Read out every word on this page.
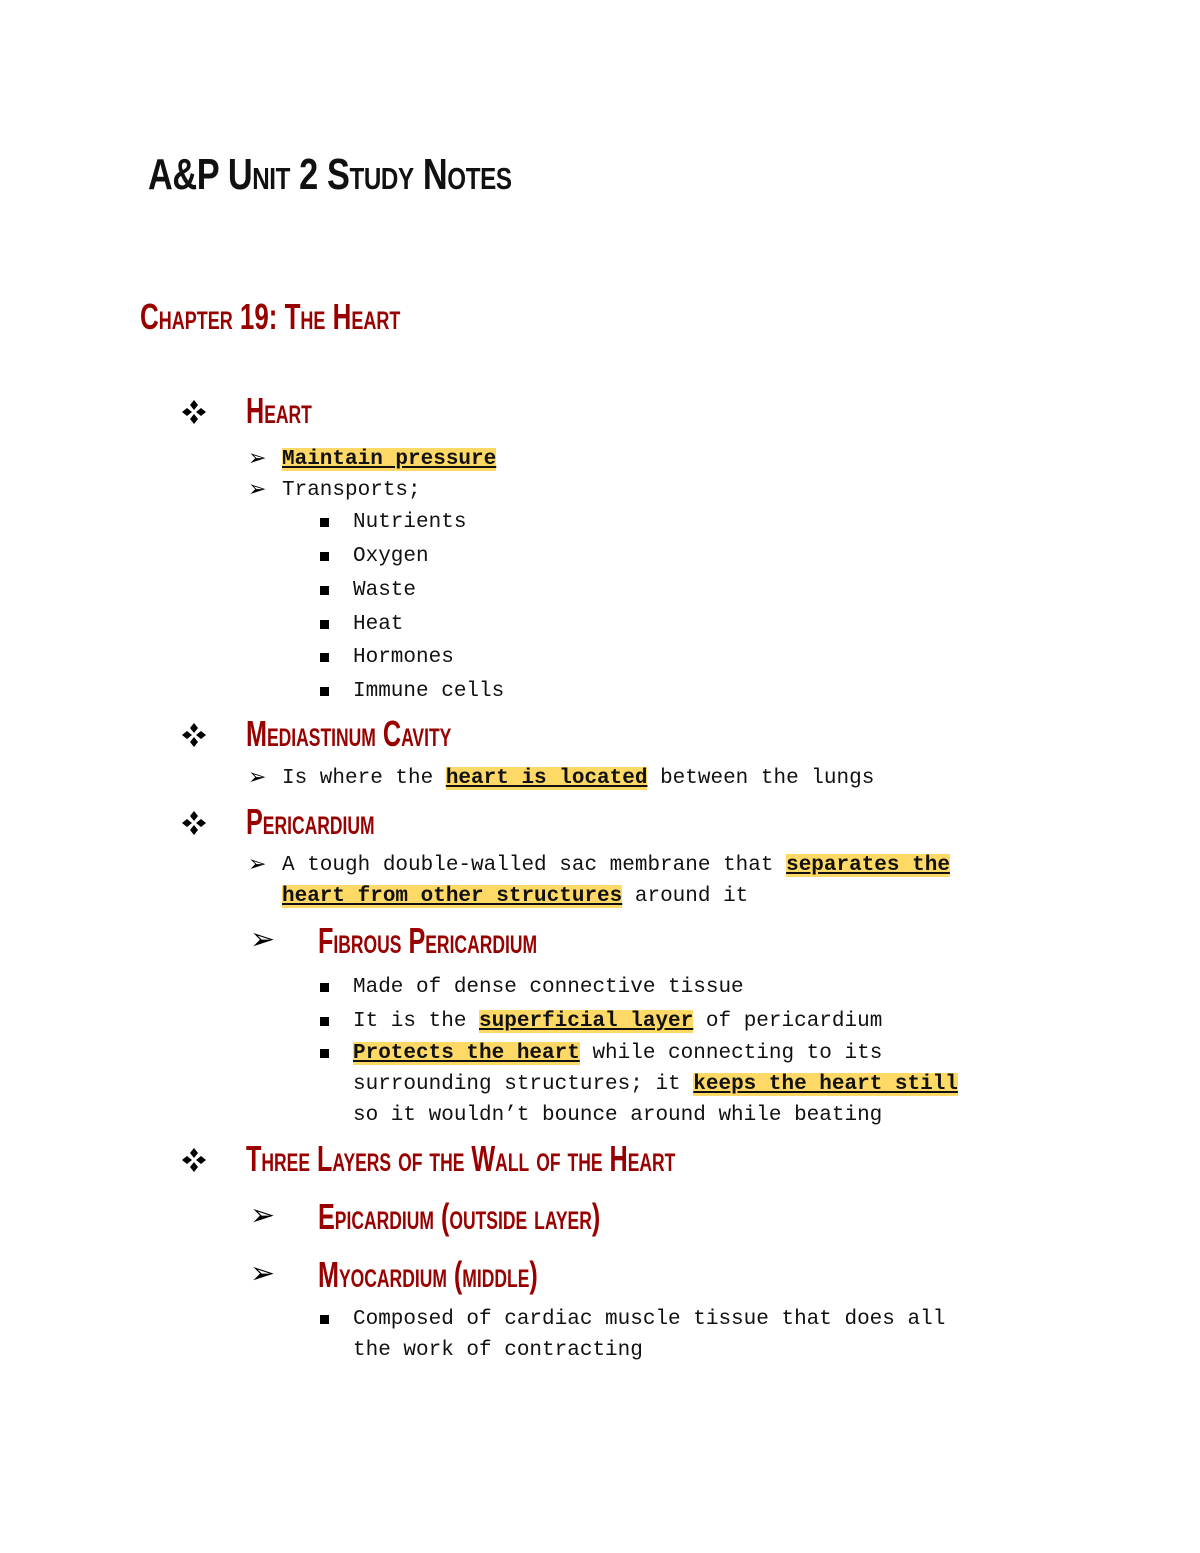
A&P Unit 2 Study Notes
Chapter 19: The Heart
Heart
➢ Maintain pressure
➢ Transports;
Nutrients
Oxygen
Waste
Heat
Hormones
Immune cells
Mediastinum Cavity
➢ Is where the heart is located between the lungs
Pericardium
➢ A tough double-walled sac membrane that separates the
heart from other structures around it
➢ Fibrous Pericardium
Made of dense connective tissue
It is the superficial layer of pericardium
Protects the heart while connecting to its
surrounding structures; it keeps the heart still
so it wouldn’t bounce around while beating
Three Layers of the Wall of the Heart
➢ Epicardium (outside layer)
➢ Myocardium (middle)
Composed of cardiac muscle tissue that does all
the work of contracting
